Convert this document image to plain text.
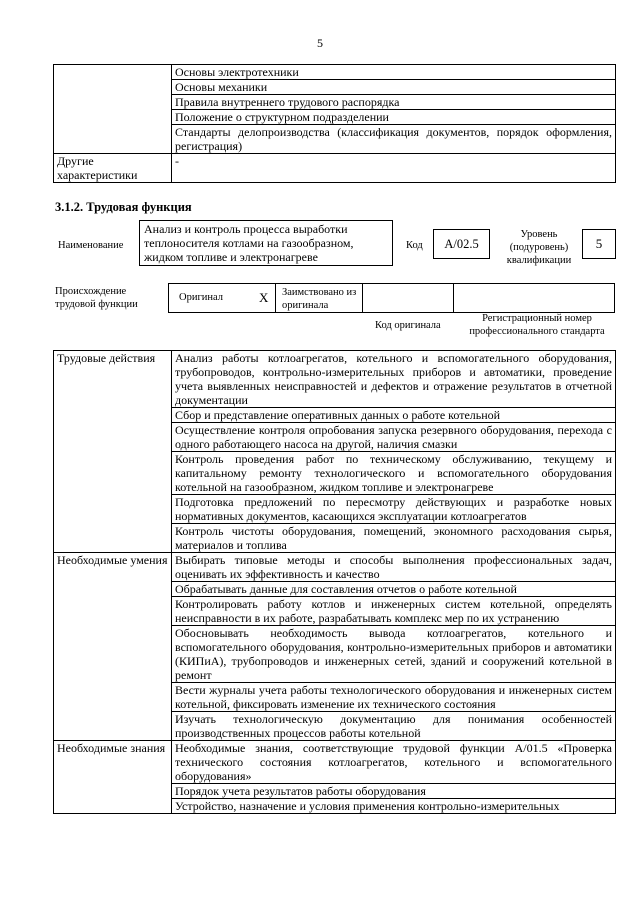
5
	Основы электротехники
	Основы механики
	Правила внутреннего трудового распорядка
	Положение о структурном подразделении
	Стандарты делопроизводства (классификация документов, порядок оформления, регистрация)
Другие характеристики	-
3.1.2. Трудовая функция
Наименование
Анализ и контроль процесса выработки теплоносителя котлами на газообразном, жидком топливе и электронагреве
Код	A/02.5
Уровень (подуровень) квалификации
5
Происхождение трудовой функции
Оригинал	X Заимствовано из оригинала
Код оригинала
Регистрационный номер профессионального стандарта
Трудовые действия	Анализ работы котлоагрегатов, котельного и вспомогательного оборудования, трубопроводов, контрольно-измерительных приборов и автоматики, проведение учета выявленных неисправностей и дефектов и отражение результатов в отчетной документации
	Сбор и представление оперативных данных о работе котельной
	Осуществление контроля опробования запуска резервного оборудования, перехода с одного работающего насоса на другой, наличия смазки
	Контроль проведения работ по техническому обслуживанию, текущему и капитальному ремонту технологического и вспомогательного оборудования котельной на газообразном, жидком топливе и электронагреве
	Подготовка предложений по пересмотру действующих и разработке новых нормативных документов, касающихся эксплуатации котлоагрегатов
	Контроль чистоты оборудования, помещений, экономного расходования сырья, материалов и топлива
Необходимые умения	Выбирать типовые методы и способы выполнения профессиональных задач, оценивать их эффективность и качество
	Обрабатывать данные для составления отчетов о работе котельной
	Контролировать работу котлов и инженерных систем котельной, определять неисправности в их работе, разрабатывать комплекс мер по их устранению
	Обосновывать необходимость вывода котлоагрегатов, котельного и вспомогательного оборудования, контрольно-измерительных приборов и автоматики (КИПиА), трубопроводов и инженерных сетей, зданий и сооружений котельной в ремонт
	Вести журналы учета работы технологического оборудования и инженерных систем котельной, фиксировать изменение их технического состояния
	Изучать технологическую документацию для понимания особенностей производственных процессов работы котельной
Необходимые знания	Необходимые знания, соответствующие трудовой функции A/01.5 «Проверка технического состояния котлоагрегатов, котельного и вспомогательного оборудования»
	Порядок учета результатов работы оборудования
	Устройство, назначение и условия применения контрольно-измерительных
